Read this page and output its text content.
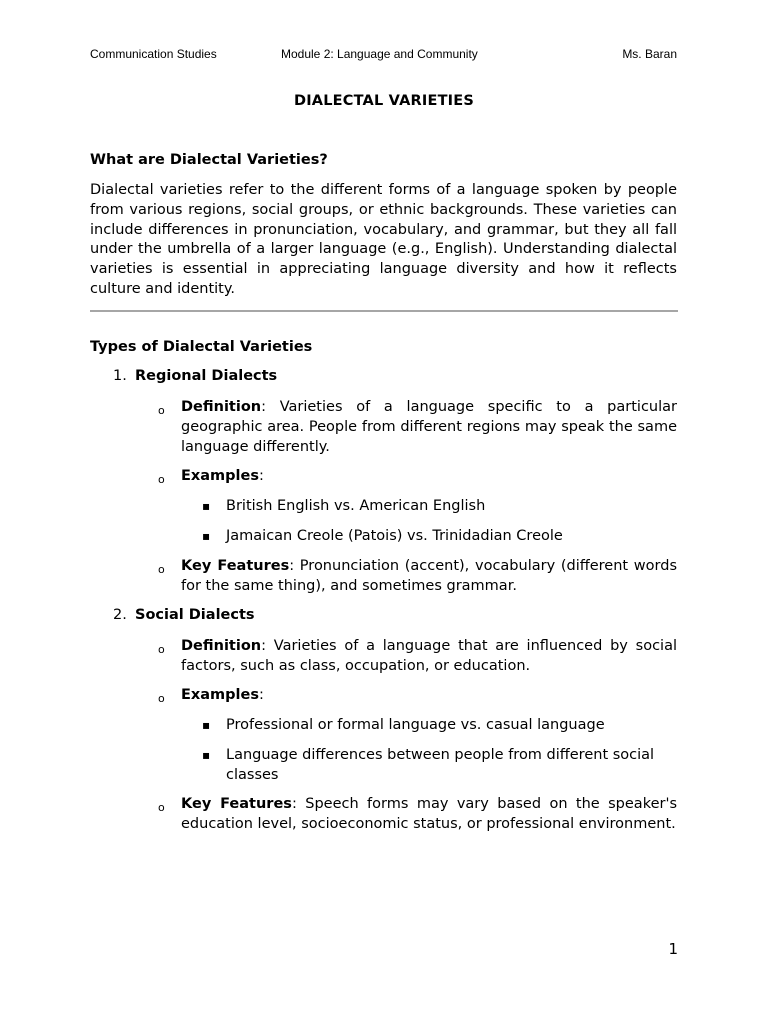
Communication Studies	Module 2: Language and Community	Ms. Baran
DIALECTAL VARIETIES
What are Dialectal Varieties?
Dialectal varieties refer to the different forms of a language spoken by people from various regions, social groups, or ethnic backgrounds. These varieties can include differences in pronunciation, vocabulary, and grammar, but they all fall under the umbrella of a larger language (e.g., English). Understanding dialectal varieties is essential in appreciating language diversity and how it reflects culture and identity.
Types of Dialectal Varieties
1. Regional Dialects
o Definition: Varieties of a language specific to a particular geographic area. People from different regions may speak the same language differently.
o Examples:
▪ British English vs. American English
▪ Jamaican Creole (Patois) vs. Trinidadian Creole
o Key Features: Pronunciation (accent), vocabulary (different words for the same thing), and sometimes grammar.
2. Social Dialects
o Definition: Varieties of a language that are influenced by social factors, such as class, occupation, or education.
o Examples:
▪ Professional or formal language vs. casual language
▪ Language differences between people from different social classes
o Key Features: Speech forms may vary based on the speaker's education level, socioeconomic status, or professional environment.
1
